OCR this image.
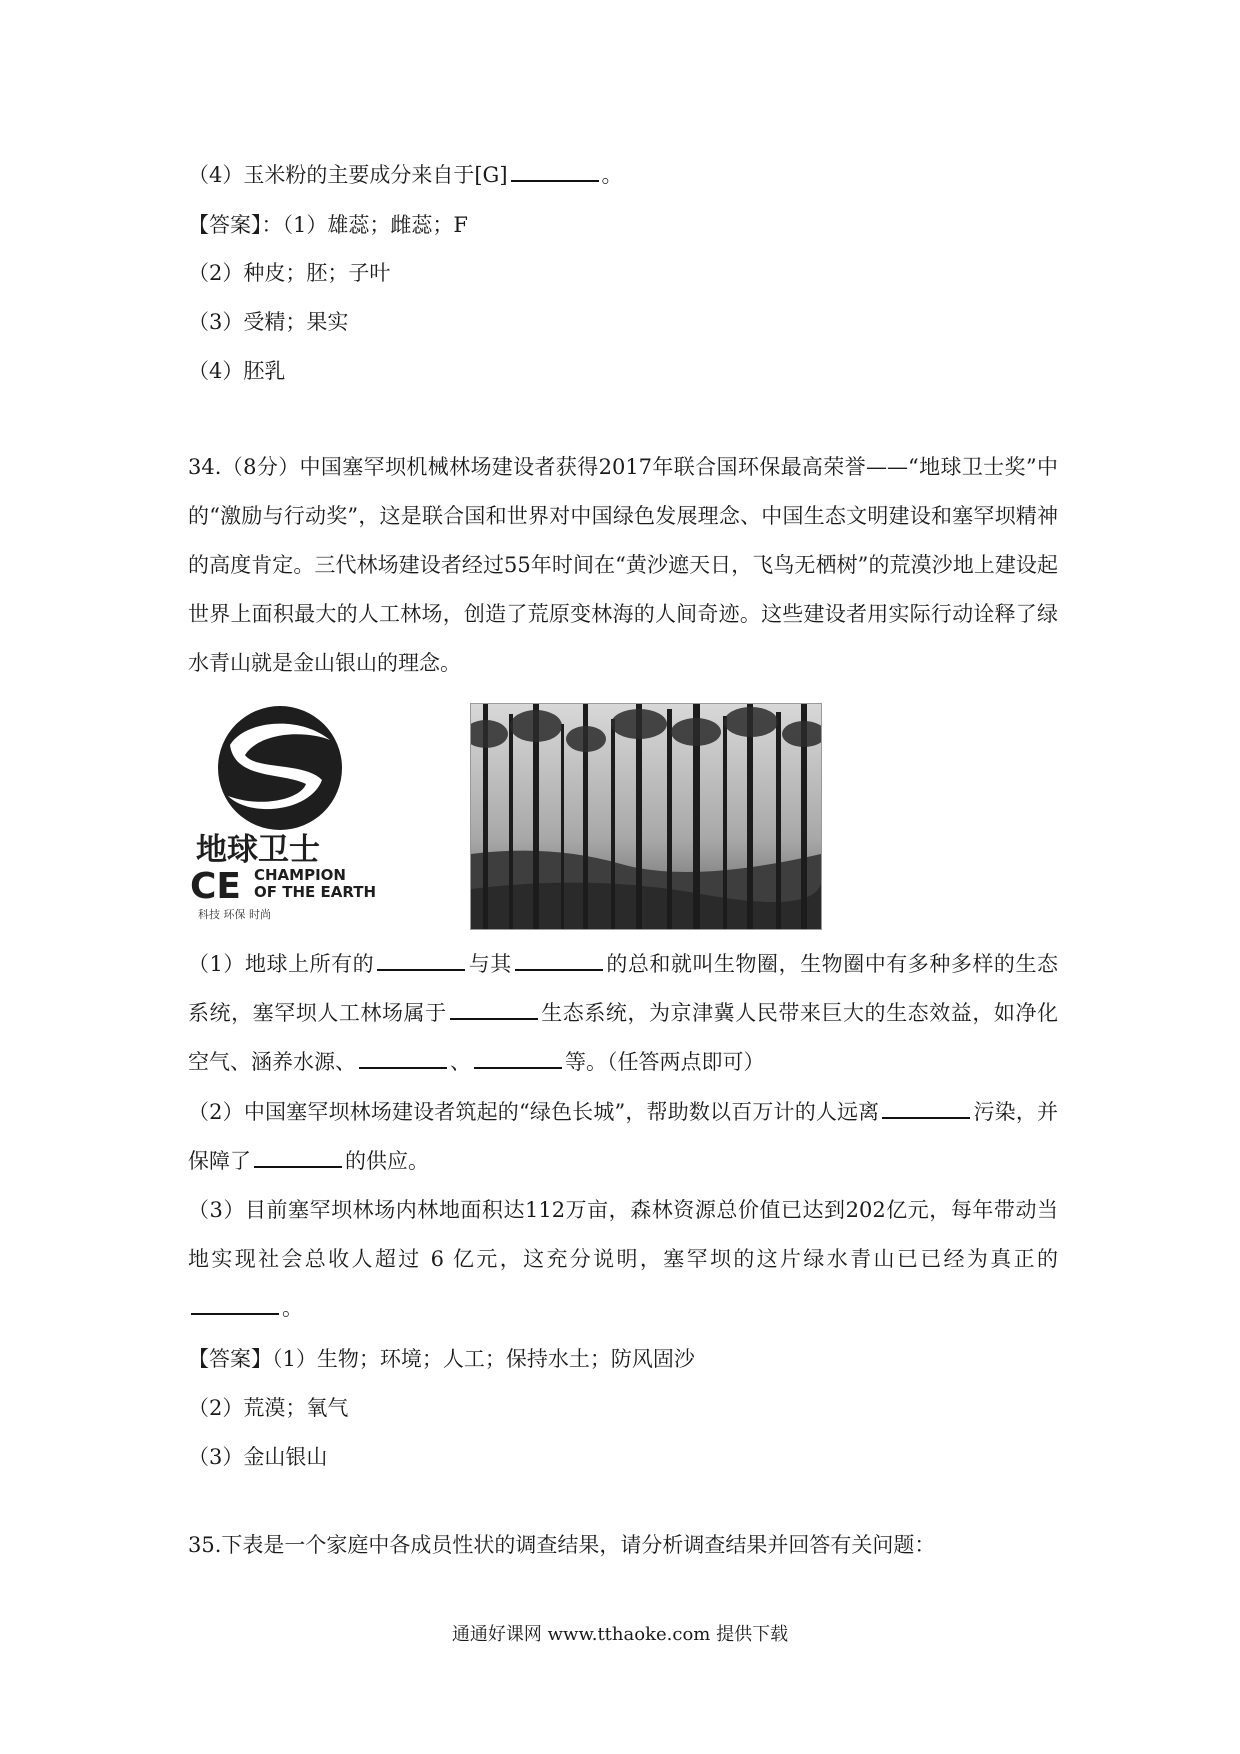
（4）玉米粉的主要成分来自于[G]	。
【答案】：（1）雄蕊；雌蕊；F
（2）种皮；胚；子叶
（3）受精；果实
（4）胚乳
34.（8分）中国塞罕坝机械林场建设者获得2017年联合国环保最高荣誉——“地球卫士奖”中的“激励与行动奖”，这是联合国和世界对中国绿色发展理念、中国生态文明建设和塞罕坝精神的高度肯定。三代林场建设者经过55年时间在“黄沙遮天日，飞鸟无栖树”的荒漠沙地上建设起世界上面积最大的人工林场，创造了荒原变林海的人间奇迹。这些建设者用实际行动诠释了绿水青山就是金山银山的理念。
地球卫士
CE CHAMPION
OF THE EARTH
科技 环保 时尚
（1）地球上所有的	与其	的总和就叫生物圈，生物圈中有多种多样的生态系统，塞罕坝人工林场属于	生态系统，为京津冀人民带来巨大的生态效益，如净化空气、涵养水源、	、	等。（任答两点即可）
（2）中国塞罕坝林场建设者筑起的“绿色长城”，帮助数以百万计的人远离	污染，并保障了	的供应。
（3）目前塞罕坝林场内林地面积达112万亩，森林资源总价值已达到202亿元，每年带动当地实现社会总收人超过 6 亿元，这充分说明，塞罕坝的这片绿水青山已已经为真正的。
【答案】（1）生物；环境；人工；保持水土；防风固沙
（2）荒漠；氧气
（3）金山银山
35.下表是一个家庭中各成员性状的调查结果，请分析调查结果并回答有关问题：
通通好课网 www.tthaoke.com 提供下载
